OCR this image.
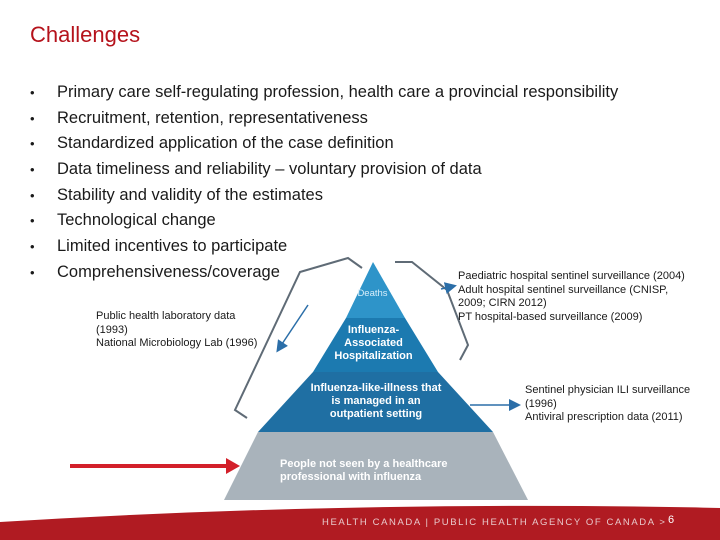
Challenges
• Primary care self-regulating profession, health care a provincial responsibility
• Recruitment, retention, representativeness
• Standardized application of the case definition
• Data timeliness and reliability – voluntary provision of data
• Stability and validity of the estimates
• Technological change
• Limited incentives to participate
• Comprehensiveness/coverage
Deaths
Influenza-Associated Hospitalization
Influenza-like-illness that is managed in an outpatient setting
People not seen by a healthcare professional with influenza
Public health laboratory data
(1993)
National Microbiology Lab (1996)
Paediatric hospital sentinel surveillance (2004)
Adult hospital sentinel surveillance (CNISP,
2009; CIRN 2012)
PT hospital-based surveillance (2009)
Sentinel physician ILI surveillance
(1996)
Antiviral prescription data (2011)
HEALTH CANADA | PUBLIC HEALTH AGENCY OF CANADA > 6
